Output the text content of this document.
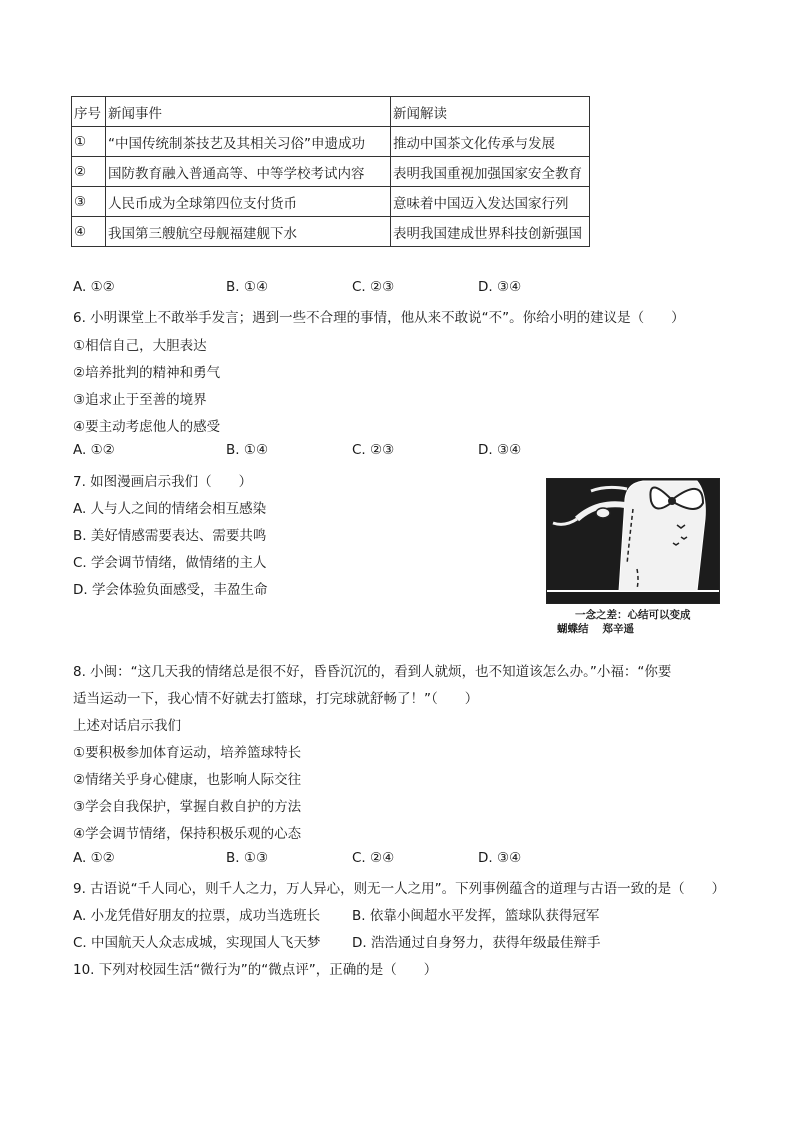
序号	新闻事件	新闻解读
①	“中国传统制茶技艺及其相关习俗”申遗成功	推动中国茶文化传承与发展
②	国防教育融入普通高等、中等学校考试内容	表明我国重视加强国家安全教育
③	人民币成为全球第四位支付货币	意味着中国迈入发达国家行列
④	我国第三艘航空母舰福建舰下水	表明我国建成世界科技创新强国
A. ①②	B. ①④	C. ②③	D. ③④
6. 小明课堂上不敢举手发言；遇到一些不合理的事情，他从来不敢说“不”。你给小明的建议是（　　）
①相信自己，大胆表达
②培养批判的精神和勇气
③追求止于至善的境界
④要主动考虑他人的感受
A. ①②	B. ①④	C. ②③	D. ③④
7. 如图漫画启示我们（　　）
A. 人与人之间的情绪会相互感染
B. 美好情感需要表达、需要共鸣
C. 学会调节情绪，做情绪的主人
D. 学会体验负面感受，丰盈生命
一念之差：心结可以变成
蝴蝶结 郑辛遥
8. 小闽：“这几天我的情绪总是很不好，昏昏沉沉的，看到人就烦，也不知道该怎么办。”小福：“你要
适当运动一下，我心情不好就去打篮球，打完球就舒畅了！”（　　）
上述对话启示我们
①要积极参加体育运动，培养篮球特长
②情绪关乎身心健康，也影响人际交往
③学会自我保护，掌握自救自护的方法
④学会调节情绪，保持积极乐观的心态
A. ①②	B. ①③	C. ②④	D. ③④
9. 古语说“千人同心，则千人之力，万人异心，则无一人之用”。下列事例蕴含的道理与古语一致的是（　　）
A. 小龙凭借好朋友的拉票，成功当选班长 B. 依靠小闽超水平发挥，篮球队获得冠军
C. 中国航天人众志成城，实现国人飞天梦 D. 浩浩通过自身努力，获得年级最佳辩手
10. 下列对校园生活“微行为”的“微点评”，正确的是（　　）
